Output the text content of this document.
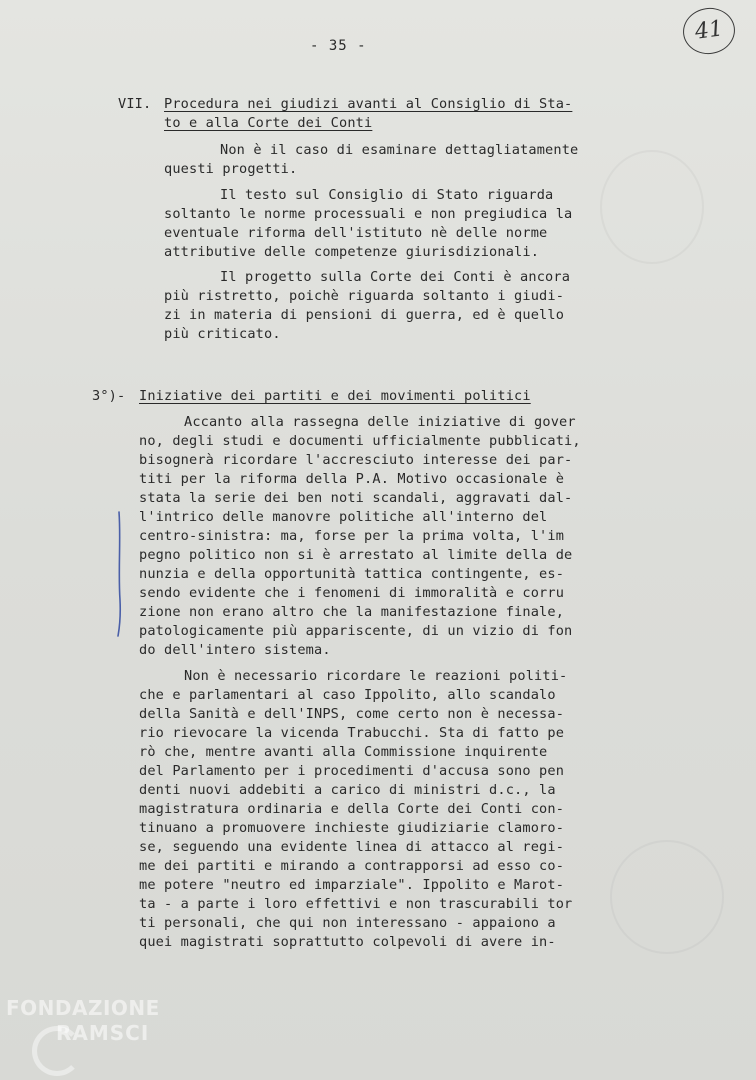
- 35 -
41
VII. Procedura nei giudizi avanti al Consiglio di Sta-
to e alla Corte dei Conti
Non è il caso di esaminare dettagliatamente
questi progetti.
Il testo sul Consiglio di Stato riguarda
soltanto le norme processuali e non pregiudica la
eventuale riforma dell'istituto nè delle norme
attributive delle competenze giurisdizionali.
Il progetto sulla Corte dei Conti è ancora
più ristretto, poichè riguarda soltanto i giudi-
zi in materia di pensioni di guerra, ed è quello
più criticato.
3°)- Iniziative dei partiti e dei movimenti politici
Accanto alla rassegna delle iniziative di gover
no, degli studi e documenti ufficialmente pubblicati,
bisognerà ricordare l'accresciuto interesse dei par-
titi per la riforma della P.A. Motivo occasionale è
stata la serie dei ben noti scandali, aggravati dal-
l'intrico delle manovre politiche all'interno del
centro-sinistra: ma, forse per la prima volta, l'im
pegno politico non si è arrestato al limite della de
nunzia e della opportunità tattica contingente, es-
sendo evidente che i fenomeni di immoralità e corru
zione non erano altro che la manifestazione finale,
patologicamente più appariscente, di un vizio di fon
do dell'intero sistema.
Non è necessario ricordare le reazioni politi-
che e parlamentari al caso Ippolito, allo scandalo
della Sanità e dell'INPS, come certo non è necessa-
rio rievocare la vicenda Trabucchi. Sta di fatto pe
rò che, mentre avanti alla Commissione inquirente
del Parlamento per i procedimenti d'accusa sono pen
denti nuovi addebiti a carico di ministri d.c., la
magistratura ordinaria e della Corte dei Conti con-
tinuano a promuovere inchieste giudiziarie clamoro-
se, seguendo una evidente linea di attacco al regi-
me dei partiti e mirando a contrapporsi ad esso co-
me potere "neutro ed imparziale". Ippolito e Marot-
ta - a parte i loro effettivi e non trascurabili tor
ti personali, che qui non interessano - appaiono a
quei magistrati soprattutto colpevoli di avere in-
FONDAZIONE
RAMSCI
